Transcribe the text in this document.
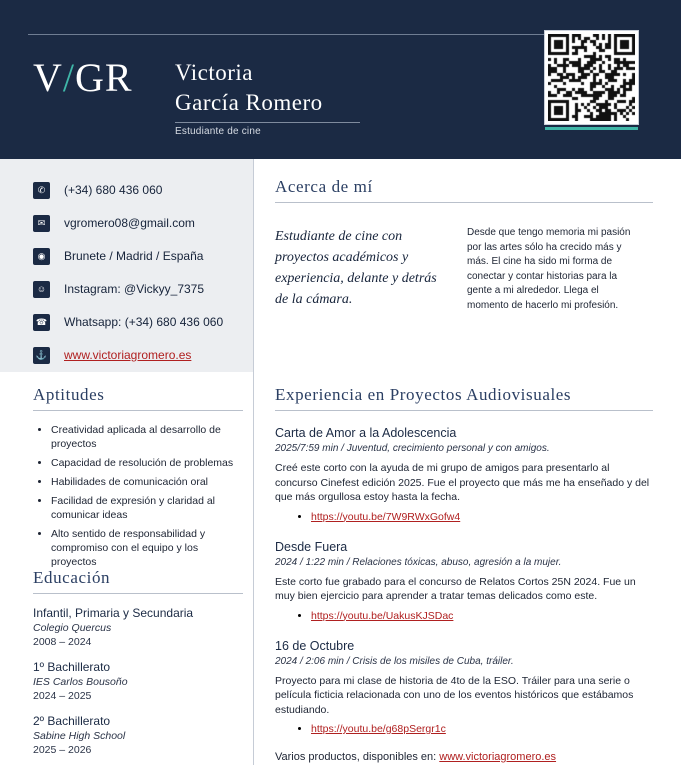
V/GR Victoria
García Romero
Estudiante de cine
✆	(+34) 680 436 060
✉	vgromero08@gmail.com
◉	Brunete / Madrid / España
☺	Instagram: @Vickyy_7375
☎ Whatsapp: (+34) 680 436 060
⚓ www.victoriagromero.es
Aptitudes
• Creatividad aplicada al desarrollo de proyectos
• Capacidad de resolución de problemas
• Habilidades de comunicación oral
• Facilidad de expresión y claridad al comunicar ideas
• Alto sentido de responsabilidad y compromiso con el equipo y los proyectos
Educación
Infantil, Primaria y Secundaria
Colegio Quercus
2008 – 2024
1º Bachillerato
IES Carlos Bousoño
2024 – 2025
2º Bachillerato
Sabine High School
2025 – 2026
Acerca de mí
Estudiante de cine con proyectos académicos y experiencia, delante y detrás de la cámara.
Desde que tengo memoria mi pasión por las artes sólo ha crecido más y más. El cine ha sido mi forma de conectar y contar historias para la gente a mi alrededor. Llega el momento de hacerlo mi profesión.
Experiencia en Proyectos Audiovisuales
Carta de Amor a la Adolescencia
2025/7:59 min / Juventud, crecimiento personal y con amigos.
Creé este corto con la ayuda de mi grupo de amigos para presentarlo al concurso Cinefest edición 2025. Fue el proyecto que más me ha enseñado y del que más orgullosa estoy hasta la fecha.
• https://youtu.be/7W9RWxGofw4
Desde Fuera
2024 / 1:22 min / Relaciones tóxicas, abuso, agresión a la mujer.
Este corto fue grabado para el concurso de Relatos Cortos 25N 2024. Fue un muy bien ejercicio para aprender a tratar temas delicados como este.
• https://youtu.be/UakusKJSDac
16 de Octubre
2024 / 2:06 min / Crisis de los misiles de Cuba, tráiler.
Proyecto para mi clase de historia de 4to de la ESO. Tráiler para una serie o película ficticia relacionada con uno de los eventos históricos que estábamos estudiando.
• https://youtu.be/g68pSergr1c
Varios productos, disponibles en: www.victoriagromero.es
